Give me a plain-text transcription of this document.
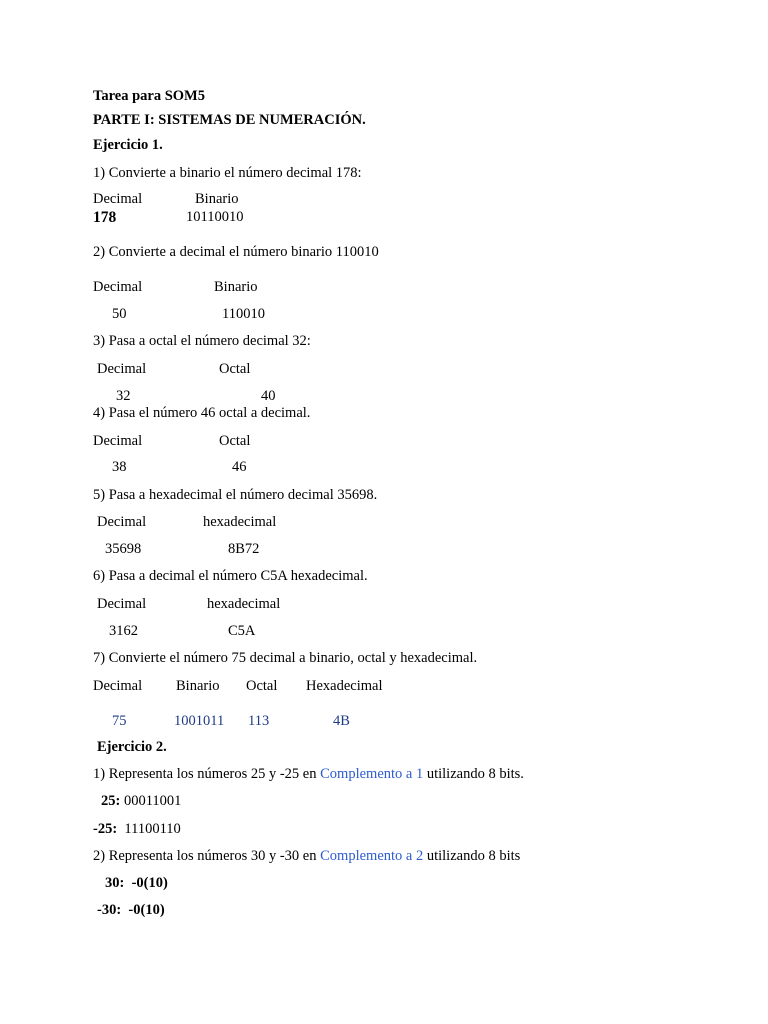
Tarea para SOM5
PARTE I: SISTEMAS DE NUMERACIÓN.
Ejercicio 1.
1) Convierte a binario el número decimal 178:
Decimal	Binario
178	10110010
2) Convierte a decimal el número binario 110010
Decimal	Binario
50	110010
3) Pasa a octal el número decimal 32:
Decimal	Octal
32	40
4) Pasa el número 46 octal a decimal.
Decimal	Octal
38	46
5) Pasa a hexadecimal el número decimal 35698.
Decimal	hexadecimal
35698	8B72
6) Pasa a decimal el número C5A hexadecimal.
Decimal	hexadecimal
3162	C5A
7) Convierte el número 75 decimal a binario, octal y hexadecimal.
Decimal Binario Octal Hexadecimal
75	1001011 113	4B
Ejercicio 2.
1) Representa los números 25 y -25 en Complemento a 1 utilizando 8 bits.
25: 00011001
-25:  11100110
2) Representa los números 30 y -30 en Complemento a 2 utilizando 8 bits
30:  -0(10)
-30:  -0(10)
